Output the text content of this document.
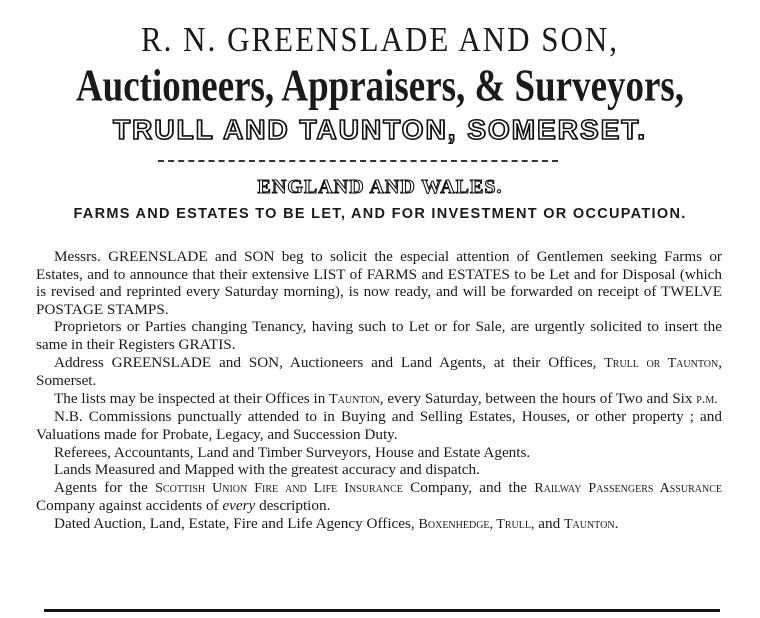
R. N. GREENSLADE AND SON,
Auctioneers, Appraisers, & Surveyors,
TRULL AND TAUNTON, SOMERSET.
ENGLAND AND WALES.
FARMS AND ESTATES TO BE LET, AND FOR INVESTMENT OR OCCUPATION.

Messrs. GREENSLADE and SON beg to solicit the especial attention of Gentlemen seeking Farms or Estates, and to announce that their extensive LIST of FARMS and ESTATES to be Let and for Disposal (which is revised and reprinted every Saturday morning), is now ready, and will be forwarded on receipt of TWELVE POSTAGE STAMPS.

Proprietors or Parties changing Tenancy, having such to Let or for Sale, are urgently solicited to insert the same in their Registers GRATIS.

Address GREENSLADE and SON, Auctioneers and Land Agents, at their Offices, Trull or Taunton, Somerset.

The lists may be inspected at their Offices in Taunton, every Saturday, between the hours of Two and Six p.m.

N.B. Commissions punctually attended to in Buying and Selling Estates, Houses, or other property ; and Valuations made for Probate, Legacy, and Succession Duty.

Referees, Accountants, Land and Timber Surveyors, House and Estate Agents.

Lands Measured and Mapped with the greatest accuracy and dispatch.

Agents for the Scottish Union Fire and Life Insurance Company, and the Railway Passengers Assurance Company against accidents of every description.

Dated Auction, Land, Estate, Fire and Life Agency Offices, Boxenhedge, Trull, and Taunton.
